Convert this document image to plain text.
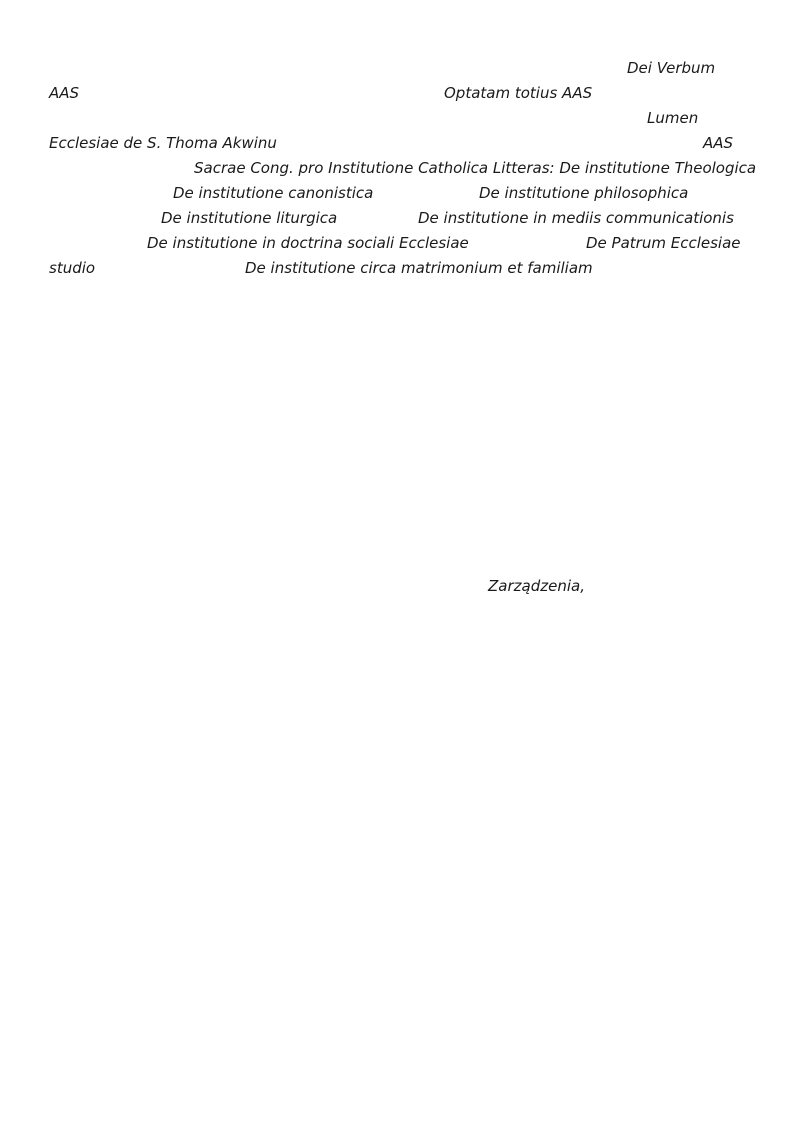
Dei Verbum
AAS	Optatam totius AAS
Lumen
Ecclesiae de S. Thoma Akwinu	AAS
Sacrae Cong. pro Institutione Catholica Litteras: De institutione Theologica
De institutione canonistica	De institutione philosophica
De institutione liturgica	De institutione in mediis communicationis
De institutione in doctrina sociali Ecclesiae	De Patrum Ecclesiae
studio	De institutione circa matrimonium et familiam
Zarządzenia,
